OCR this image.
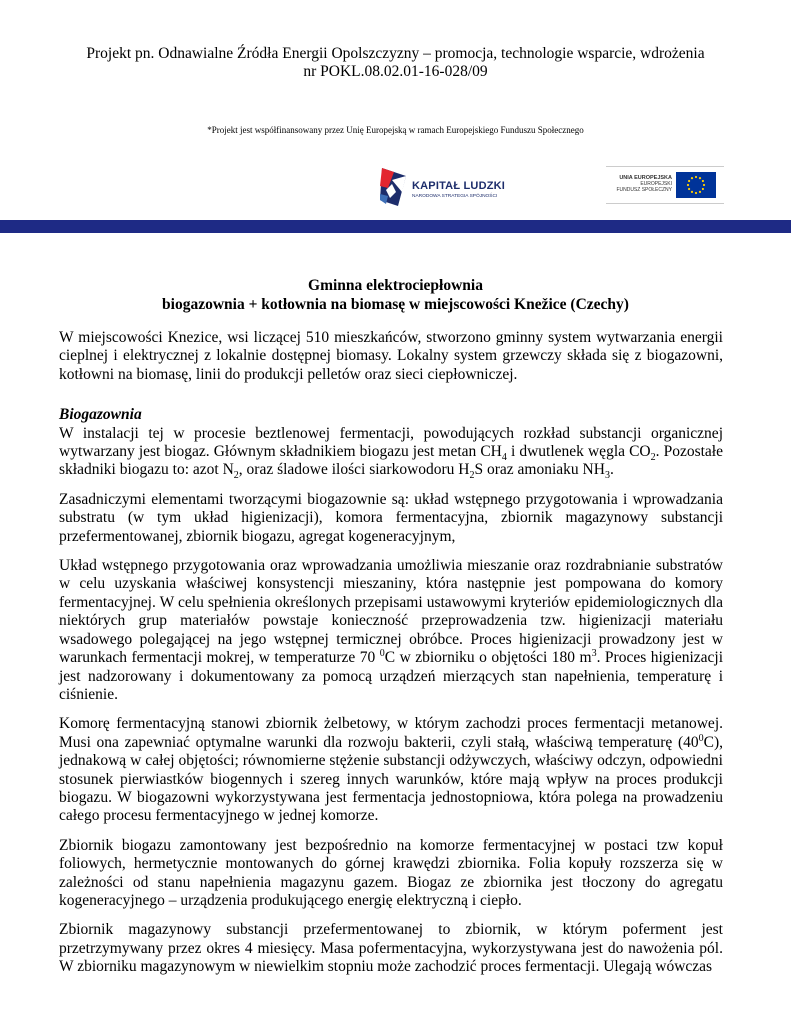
Projekt pn. Odnawialne Źródła Energii Opolszczyzny – promocja, technologie wsparcie, wdrożenia
nr POKL.08.02.01-16-028/09
*Projekt jest współfinansowany przez Unię Europejską w ramach Europejskiego Funduszu Społecznego
KAPITAŁ LUDZKI
NARODOWA STRATEGIA SPÓJNOŚCI
UNIA EUROPEJSKA
EUROPEJSKI
FUNDUSZ SPOŁECZNY
Gminna elektrociepłownia
biogazownia + kotłownia na biomasę w miejscowości Knežice (Czechy)

W miejscowości Knezice, wsi liczącej 510 mieszkańców, stworzono gminny system wytwarzania energii cieplnej i elektrycznej z lokalnie dostępnej biomasy. Lokalny system grzewczy składa się z biogazowni, kotłowni na biomasę, linii do produkcji pelletów oraz sieci ciepłowniczej.

Biogazownia
W instalacji tej w procesie beztlenowej fermentacji, powodujących rozkład substancji organicznej wytwarzany jest biogaz. Głównym składnikiem biogazu jest metan $CH_4$ i dwutlenek węgla $CO_2$. Pozostałe składniki biogazu to: azot $N_2$, oraz śladowe ilości siarkowodoru $H_2S$ oraz amoniaku $NH_3$.

Zasadniczymi elementami tworzącymi biogazownie są: układ wstępnego przygotowania i wprowadzania substratu (w tym układ higienizacji), komora fermentacyjna, zbiornik magazynowy substancji przefermentowanej, zbiornik biogazu, agregat kogeneracyjnym,

Układ wstępnego przygotowania oraz wprowadzania umożliwia mieszanie oraz rozdrabnianie substratów w celu uzyskania właściwej konsystencji mieszaniny, która następnie jest pompowana do komory fermentacyjnej. W celu spełnienia określonych przepisami ustawowymi kryteriów epidemiologicznych dla niektórych grup materiałów powstaje konieczność przeprowadzenia tzw. higienizacji materiału wsadowego polegającej na jego wstępnej termicznej obróbce. Proces higienizacji prowadzony jest w warunkach fermentacji mokrej, w temperaturze 70 $^0$C w zbiorniku o objętości 180 $m^3$. Proces higienizacji jest nadzorowany i dokumentowany za pomocą urządzeń mierzących stan napełnienia, temperaturę i ciśnienie.

Komorę fermentacyjną stanowi zbiornik żelbetowy, w którym zachodzi proces fermentacji metanowej. Musi ona zapewniać optymalne warunki dla rozwoju bakterii, czyli stałą, właściwą temperaturę $(40^0C)$, jednakową w całej objętości; równomierne stężenie substancji odżywczych, właściwy odczyn, odpowiedni stosunek pierwiastków biogennych i szereg innych warunków, które mają wpływ na proces produkcji biogazu. W biogazowni wykorzystywana jest fermentacja jednostopniowa, która polega na prowadzeniu całego procesu fermentacyjnego w jednej komorze.

Zbiornik biogazu zamontowany jest bezpośrednio na komorze fermentacyjnej w postaci tzw kopuł foliowych, hermetycznie montowanych do górnej krawędzi zbiornika. Folia kopuły rozszerza się w zależności od stanu napełnienia magazynu gazem. Biogaz ze zbiornika jest tłoczony do agregatu kogeneracyjnego – urządzenia produkującego energię elektryczną i ciepło.

Zbiornik magazynowy substancji przefermentowanej to zbiornik, w którym poferment jest przetrzymywany przez okres 4 miesięcy. Masa pofermentacyjna, wykorzystywana jest do nawożenia pól. W zbiorniku magazynowym w niewielkim stopniu może zachodzić proces fermentacji. Ulegają wówczas
